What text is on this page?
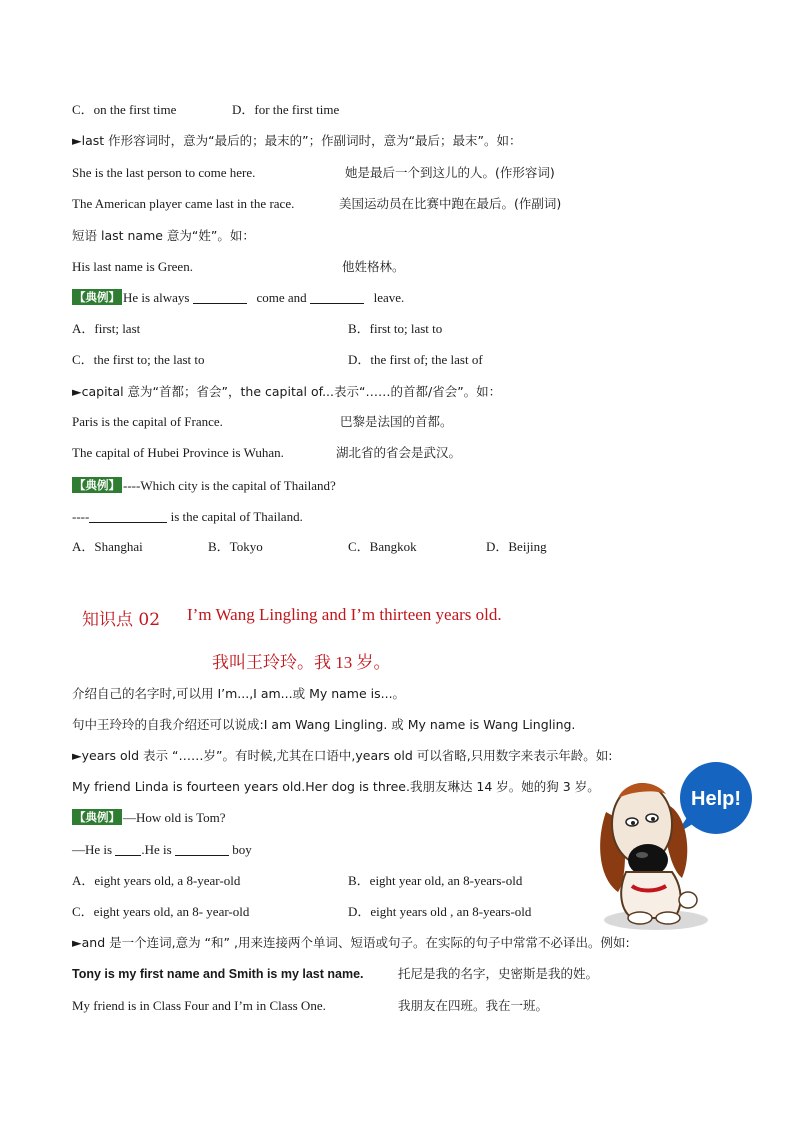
C．on the first time	D．for the first time
►last 作形容词时，意为“最后的；最末的”；作副词时，意为“最后；最末”。如：
She is the last person to come here.	她是最后一个到这儿的人。(作形容词)
The American player came last in the race.	美国运动员在比赛中跑在最后。(作副词)
短语 last name 意为“姓”。如：
His last name is Green.	他姓格林。
【典例】 He is always	come and	leave.
A．first; last	B．first to; last to
C．the first to; the last to	D．the first of; the last of
►capital 意为“首都；省会”，the capital of...表示“……的首都/省会”。如：
Paris is the capital of France.	巴黎是法国的首都。
The capital of Hubei Province is Wuhan.	湖北省的省会是武汉。
【典例】 ----Which city is the capital of Thailand?
----	is the capital of Thailand.
A．Shanghai	B．Tokyo	C．Bangkok	D．Beijing
知识点 02 I’m Wang Lingling and I’m thirteen years old.
我叫王玲玲。我 13 岁。
介绍自己的名字时,可以用 I’m...,I am...或 My name is...。
句中王玲玲的自我介绍还可以说成:I am Wang Lingling. 或 My name is Wang Lingling.
►years old 表示 “……岁”。有时候,尤其在口语中,years old 可以省略,只用数字来表示年龄。如:
My friend Linda is fourteen years old.Her dog is three.我朋友琳达 14 岁。她的狗 3 岁。
【典例】 —How old is Tom?
—He is .He is	boy
A．eight years old, a 8-year-old	B．eight year old, an 8-years-old
C．eight years old, an 8- year-old	D．eight years old , an 8-years-old
►and 是一个连词,意为 “和” ,用来连接两个单词、短语或句子。在实际的句子中常常不必译出。例如:
Tony is my first name and Smith is my last name.	托尼是我的名字，史密斯是我的姓。
My friend is in Class Four and I’m in Class One.	我朋友在四班。我在一班。
Help!
